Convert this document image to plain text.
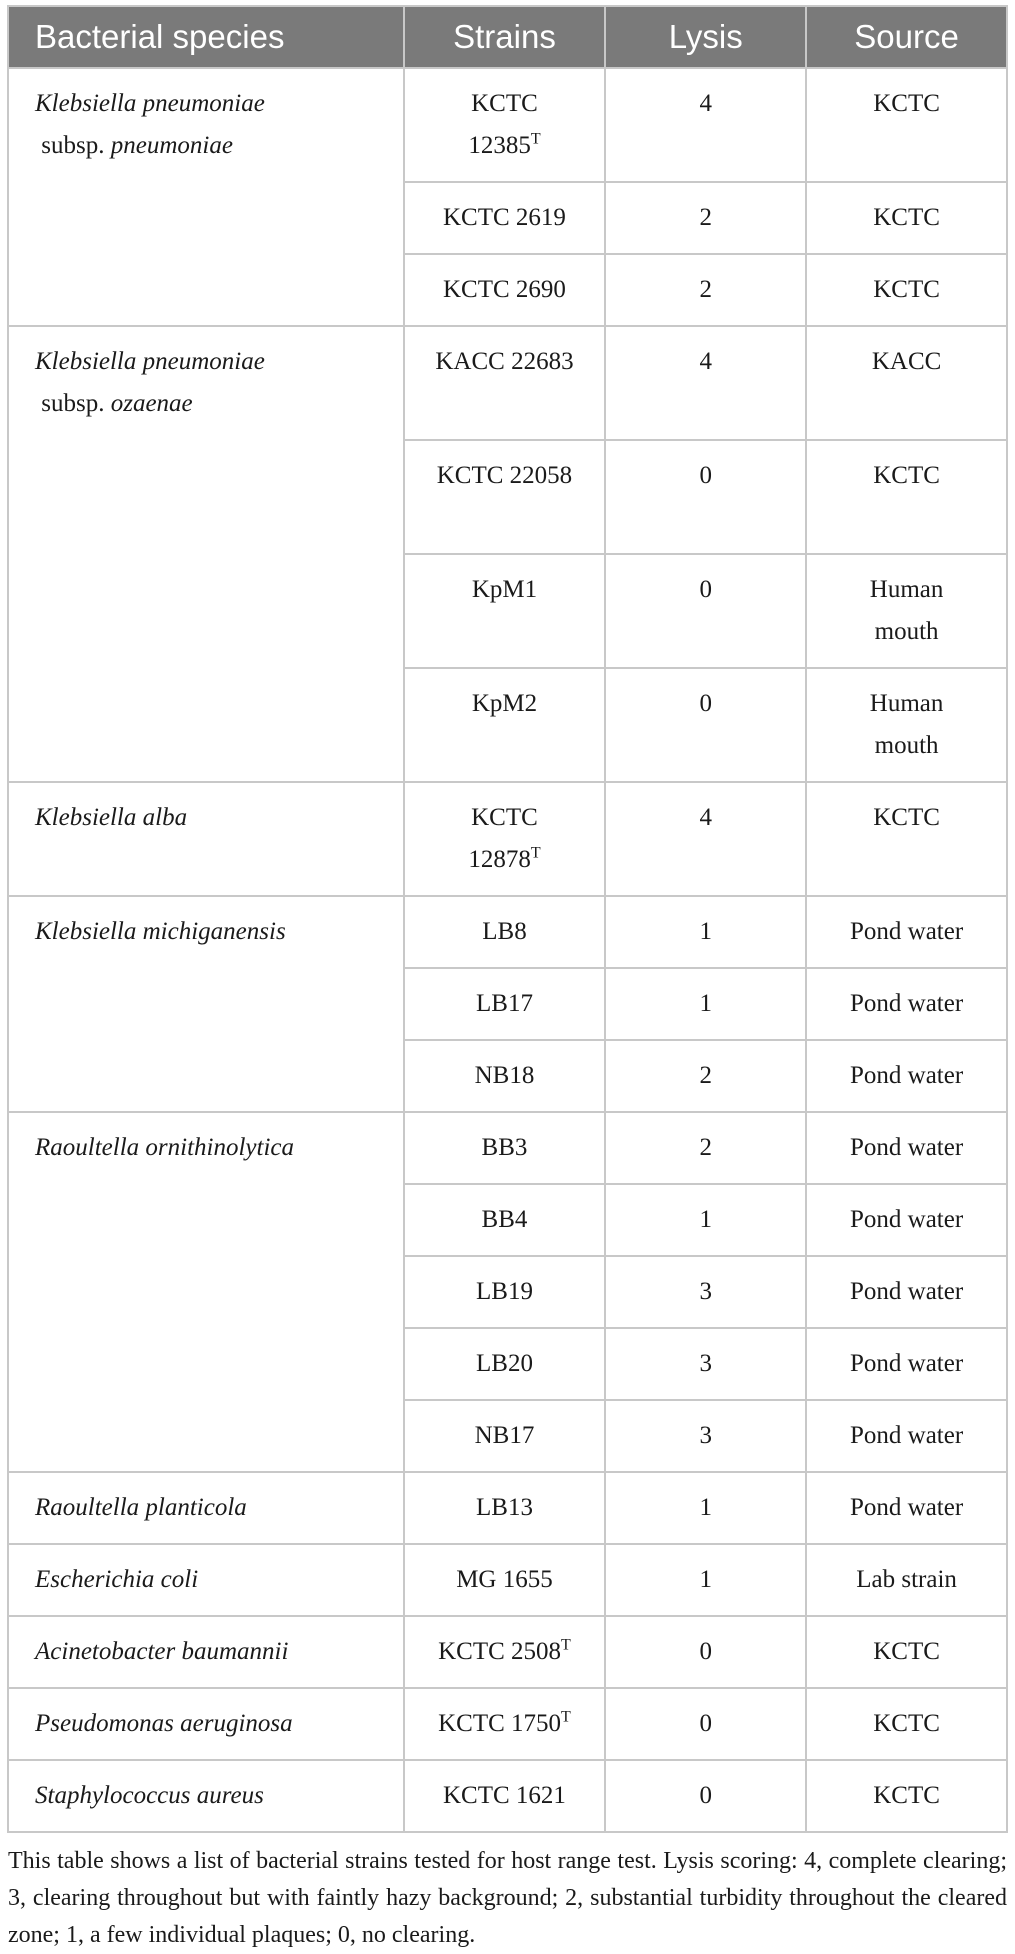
Bacterial species	Strains	Lysis	Source
Klebsiella pneumoniae subsp. pneumoniae	KCTC $12385^T$	4	KCTC
	KCTC 2619	2	KCTC
	KCTC 2690	2	KCTC
Klebsiella pneumoniae subsp. ozaenae	KACC 22683	4	KACC
	KCTC 22058	0	KCTC
	KpM1	0	Human mouth
	KpM2	0	Human mouth
Klebsiella alba	KCTC $12878^T$	4	KCTC
Klebsiella michiganensis	LB8	1	Pond water
	LB17	1	Pond water
	NB18	2	Pond water
Raoultella ornithinolytica	BB3	2	Pond water
	BB4	1	Pond water
	LB19	3	Pond water
	LB20	3	Pond water
	NB17	3	Pond water
Raoultella planticola	LB13	1	Pond water
Escherichia coli	MG 1655	1	Lab strain
Acinetobacter baumannii	KCTC $2508^T$	0	KCTC
Pseudomonas aeruginosa	KCTC $1750^T$	0	KCTC
Staphylococcus aureus	KCTC 1621	0	KCTC

This table shows a list of bacterial strains tested for host range test. Lysis scoring: 4, complete clearing; 3, clearing throughout but with faintly hazy background; 2, substantial turbidity throughout the cleared zone; 1, a few individual plaques; 0, no clearing.
